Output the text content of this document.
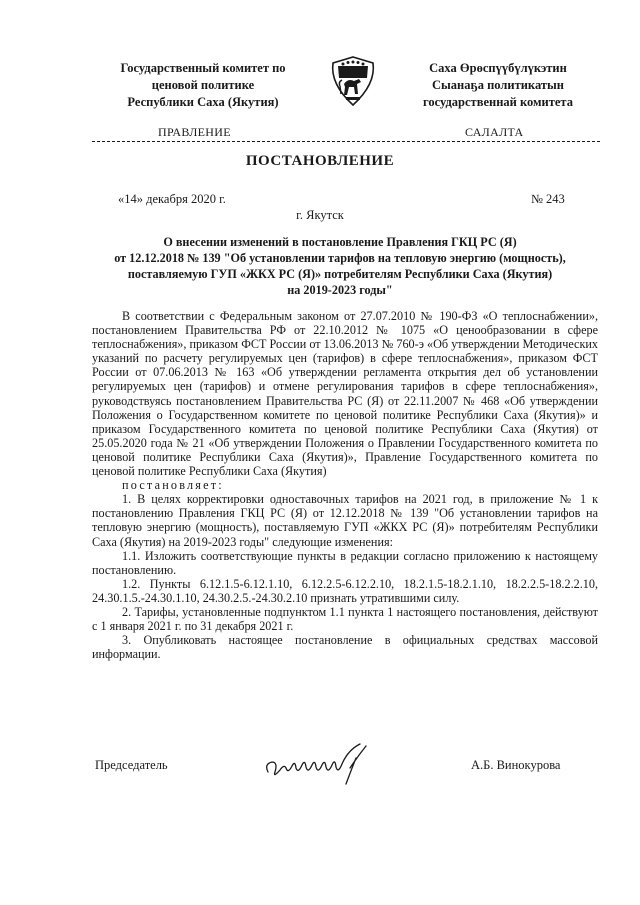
Государственный комитет по
ценовой политике
Республики Саха (Якутия)
Саха Өрөспүүбүлүкэтин
Сыанаҕа политикатын
государственнай комитета
ПРАВЛЕНИЕ	САЛАЛТА
ПОСТАНОВЛЕНИЕ
«14» декабря 2020 г.	№ 243
г. Якутск
О внесении изменений в постановление Правления ГКЦ РС (Я)
от 12.12.2018 № 139 "Об установлении тарифов на тепловую энергию (мощность),
поставляемую ГУП «ЖКХ РС (Я)» потребителям Республики Саха (Якутия)
на 2019-2023 годы"

В соответствии с Федеральным законом от 27.07.2010 № 190-ФЗ «О теплоснабжении», постановлением Правительства РФ от 22.10.2012 № 1075 «О ценообразовании в сфере теплоснабжения», приказом ФСТ России от 13.06.2013 № 760-э «Об утверждении Методических указаний по расчету регулируемых цен (тарифов) в сфере теплоснабжения», приказом ФСТ России от 07.06.2013 № 163 «Об утверждении регламента открытия дел об установлении регулируемых цен (тарифов) и отмене регулирования тарифов в сфере теплоснабжения», руководствуясь постановлением Правительства РС (Я) от 22.11.2007 № 468 «Об утверждении Положения о Государственном комитете по ценовой политике Республики Саха (Якутия)» и приказом Государственного комитета по ценовой политике Республики Саха (Якутия) от 25.05.2020 года № 21 «Об утверждении Положения о Правлении Государственного комитета по ценовой политике Республики Саха (Якутия)», Правление Государственного комитета по ценовой политике Республики Саха (Якутия)

постановляет:

1. В целях корректировки одноставочных тарифов на 2021 год, в приложение № 1 к постановлению Правления ГКЦ РС (Я) от 12.12.2018 № 139 "Об установлении тарифов на тепловую энергию (мощность), поставляемую ГУП «ЖКХ РС (Я)» потребителям Республики Саха (Якутия) на 2019-2023 годы" следующие изменения:

1.1. Изложить соответствующие пункты в редакции согласно приложению к настоящему постановлению.

1.2. Пункты 6.12.1.5-6.12.1.10, 6.12.2.5-6.12.2.10, 18.2.1.5-18.2.1.10, 18.2.2.5-18.2.2.10, 24.30.1.5.-24.30.1.10, 24.30.2.5.-24.30.2.10 признать утратившими силу.

2. Тарифы, установленные подпунктом 1.1 пункта 1 настоящего постановления, действуют с 1 января 2021 г. по 31 декабря 2021 г.

3. Опубликовать настоящее постановление в официальных средствах массовой информации.

Председатель	А.Б. Винокурова
